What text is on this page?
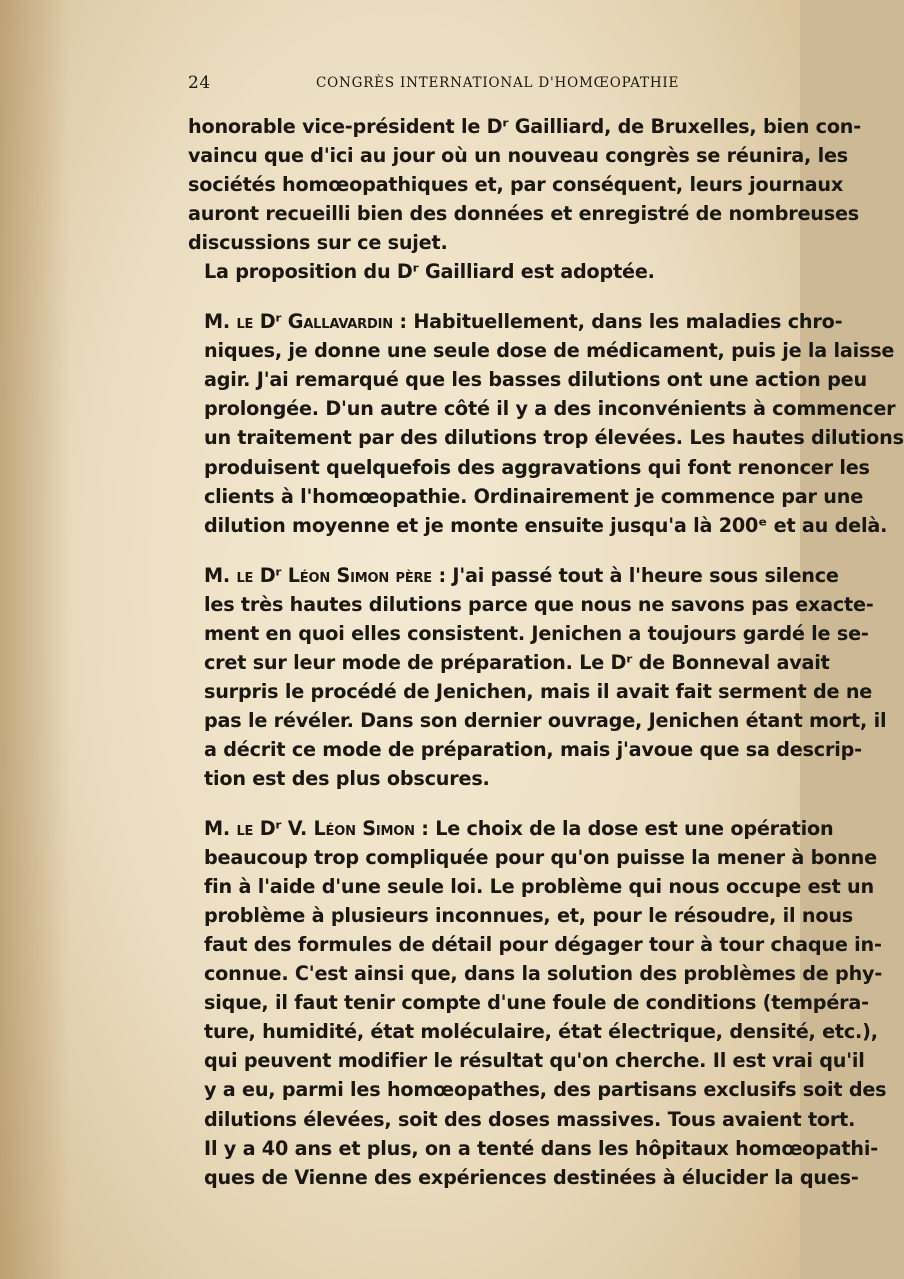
24	CONGRÈS INTERNATIONAL D'HOMŒOPATHIE

honorable vice-président le Dʳ Gailliard, de Bruxelles, bien con-
vaincu que d'ici au jour où un nouveau congrès se réunira, les
sociétés homœopathiques et, par conséquent, leurs journaux
auront recueilli bien des données et enregistré de nombreuses
discussions sur ce sujet.

La proposition du Dʳ Gailliard est adoptée.

M. le Dʳ Gallavardin : Habituellement, dans les maladies chro-
niques, je donne une seule dose de médicament, puis je la laisse
agir. J'ai remarqué que les basses dilutions ont une action peu
prolongée. D'un autre côté il y a des inconvénients à commencer
un traitement par des dilutions trop élevées. Les hautes dilutions
produisent quelquefois des aggravations qui font renoncer les
clients à l'homœopathie. Ordinairement je commence par une
dilution moyenne et je monte ensuite jusqu'a là 200ᵉ et au delà.

M. le Dʳ Léon Simon père : J'ai passé tout à l'heure sous silence
les très hautes dilutions parce que nous ne savons pas exacte-
ment en quoi elles consistent. Jenichen a toujours gardé le se-
cret sur leur mode de préparation. Le Dʳ de Bonneval avait
surpris le procédé de Jenichen, mais il avait fait serment de ne
pas le révéler. Dans son dernier ouvrage, Jenichen étant mort, il
a décrit ce mode de préparation, mais j'avoue que sa descrip-
tion est des plus obscures.

M. le Dʳ V. Léon Simon : Le choix de la dose est une opération
beaucoup trop compliquée pour qu'on puisse la mener à bonne
fin à l'aide d'une seule loi. Le problème qui nous occupe est un
problème à plusieurs inconnues, et, pour le résoudre, il nous
faut des formules de détail pour dégager tour à tour chaque in-
connue. C'est ainsi que, dans la solution des problèmes de phy-
sique, il faut tenir compte d'une foule de conditions (tempéra-
ture, humidité, état moléculaire, état électrique, densité, etc.),
qui peuvent modifier le résultat qu'on cherche. Il est vrai qu'il
y a eu, parmi les homœopathes, des partisans exclusifs soit des
dilutions élevées, soit des doses massives. Tous avaient tort.
Il y a 40 ans et plus, on a tenté dans les hôpitaux homœopathi-
ques de Vienne des expériences destinées à élucider la ques-
